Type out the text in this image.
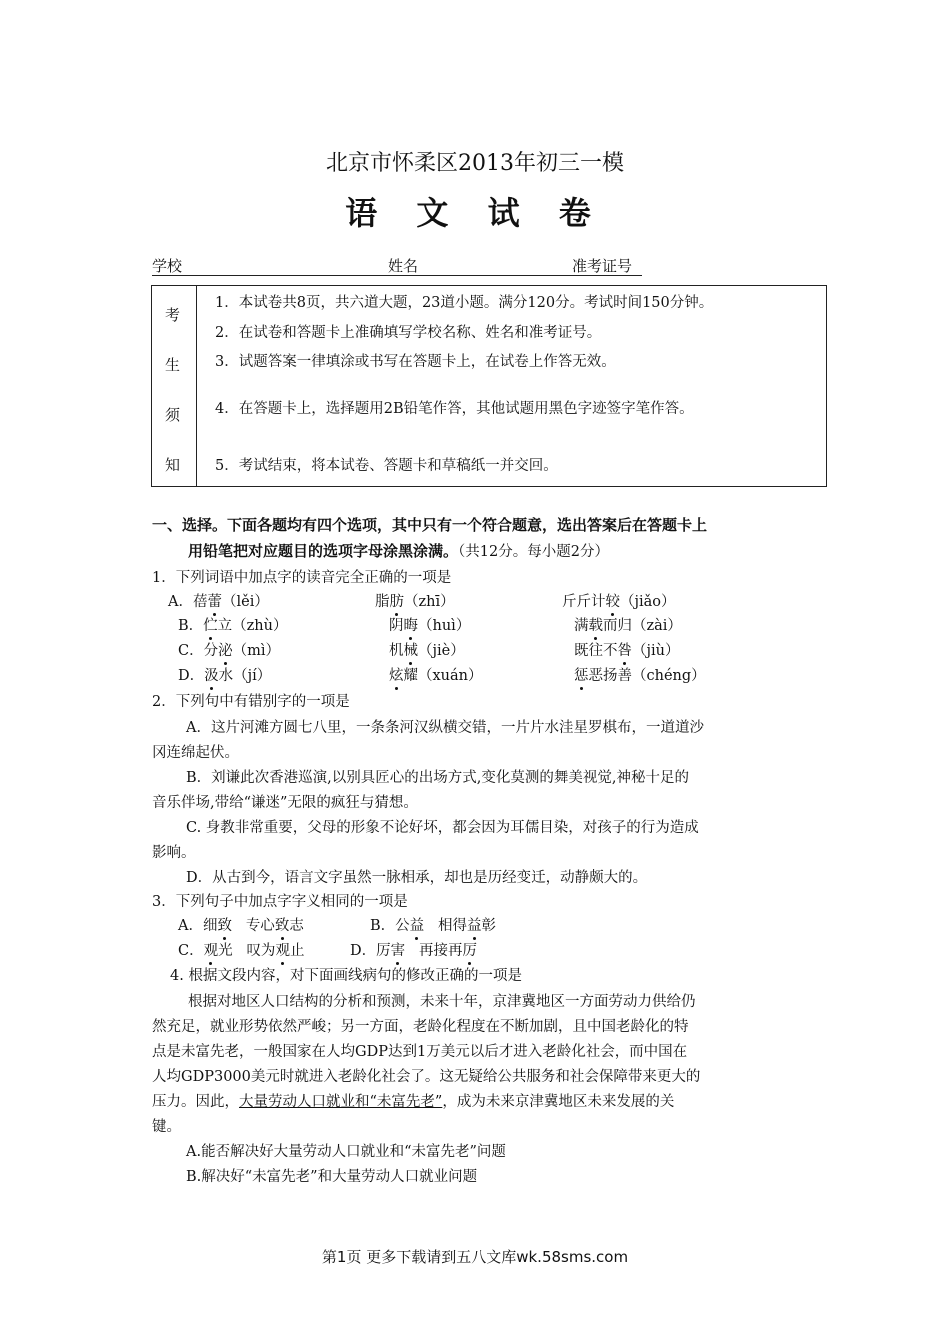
北京市怀柔区2013年初三一模
语 文 试 卷
学校	姓名	准考证号
考
生
须
知
1．本试卷共8页，共六道大题，23道小题。满分120分。考试时间150分钟。
2．在试卷和答题卡上准确填写学校名称、姓名和准考证号。
3．试题答案一律填涂或书写在答题卡上，在试卷上作答无效。
4．在答题卡上，选择题用2B铅笔作答，其他试题用黑色字迹签字笔作答。
5．考试结束，将本试卷、答题卡和草稿纸一并交回。
一、选择。下面各题均有四个选项，其中只有一个符合题意，选出答案后在答题卡上
用铅笔把对应题目的选项字母涂黑涂满。（共12分。每小题2分）
1．下列词语中加点字的读音完全正确的一项是
A．蓓蕾（lěi）	脂肪（zhī）	斤斤计较（jiǎo）
B．伫立（zhù）	阴晦（huì）	满载而归（zài）
C．分泌（mì）	机械（jiè）	既往不咎（jiù）
D．汲水（jí）	炫耀（xuán）	惩恶扬善（chéng）
2．下列句中有错别字的一项是
A．这片河滩方圆七八里，一条条河汉纵横交错，一片片水洼星罗棋布，一道道沙
冈连绵起伏。
B．刘谦此次香港巡演,以别具匠心的出场方式,变化莫测的舞美视觉,神秘十足的
音乐伴场,带给“谦迷”无限的疯狂与猜想。
C. 身教非常重要，父母的形象不论好坏，都会因为耳儒目染，对孩子的行为造成
影响。
D．从古到今，语言文字虽然一脉相承，却也是历经变迁，动静颇大的。
3．下列句子中加点字字义相同的一项是
A．细致 专心致志	B．公益 相得益彰
C．观光 叹为观止	D．厉害 再接再厉
4. 根据文段内容，对下面画线病句的修改正确的一项是
根据对地区人口结构的分析和预测，未来十年，京津冀地区一方面劳动力供给仍
然充足，就业形势依然严峻；另一方面，老龄化程度在不断加剧，且中国老龄化的特
点是未富先老，一般国家在人均GDP达到1万美元以后才进入老龄化社会，而中国在
人均GDP3000美元时就进入老龄化社会了。这无疑给公共服务和社会保障带来更大的
压力。因此，大量劳动人口就业和“未富先老”，成为未来京津冀地区未来发展的关
键。
A.能否解决好大量劳动人口就业和“未富先老”问题
B.解决好“未富先老”和大量劳动人口就业问题
第1页 更多下载请到五八文库wk.58sms.com
